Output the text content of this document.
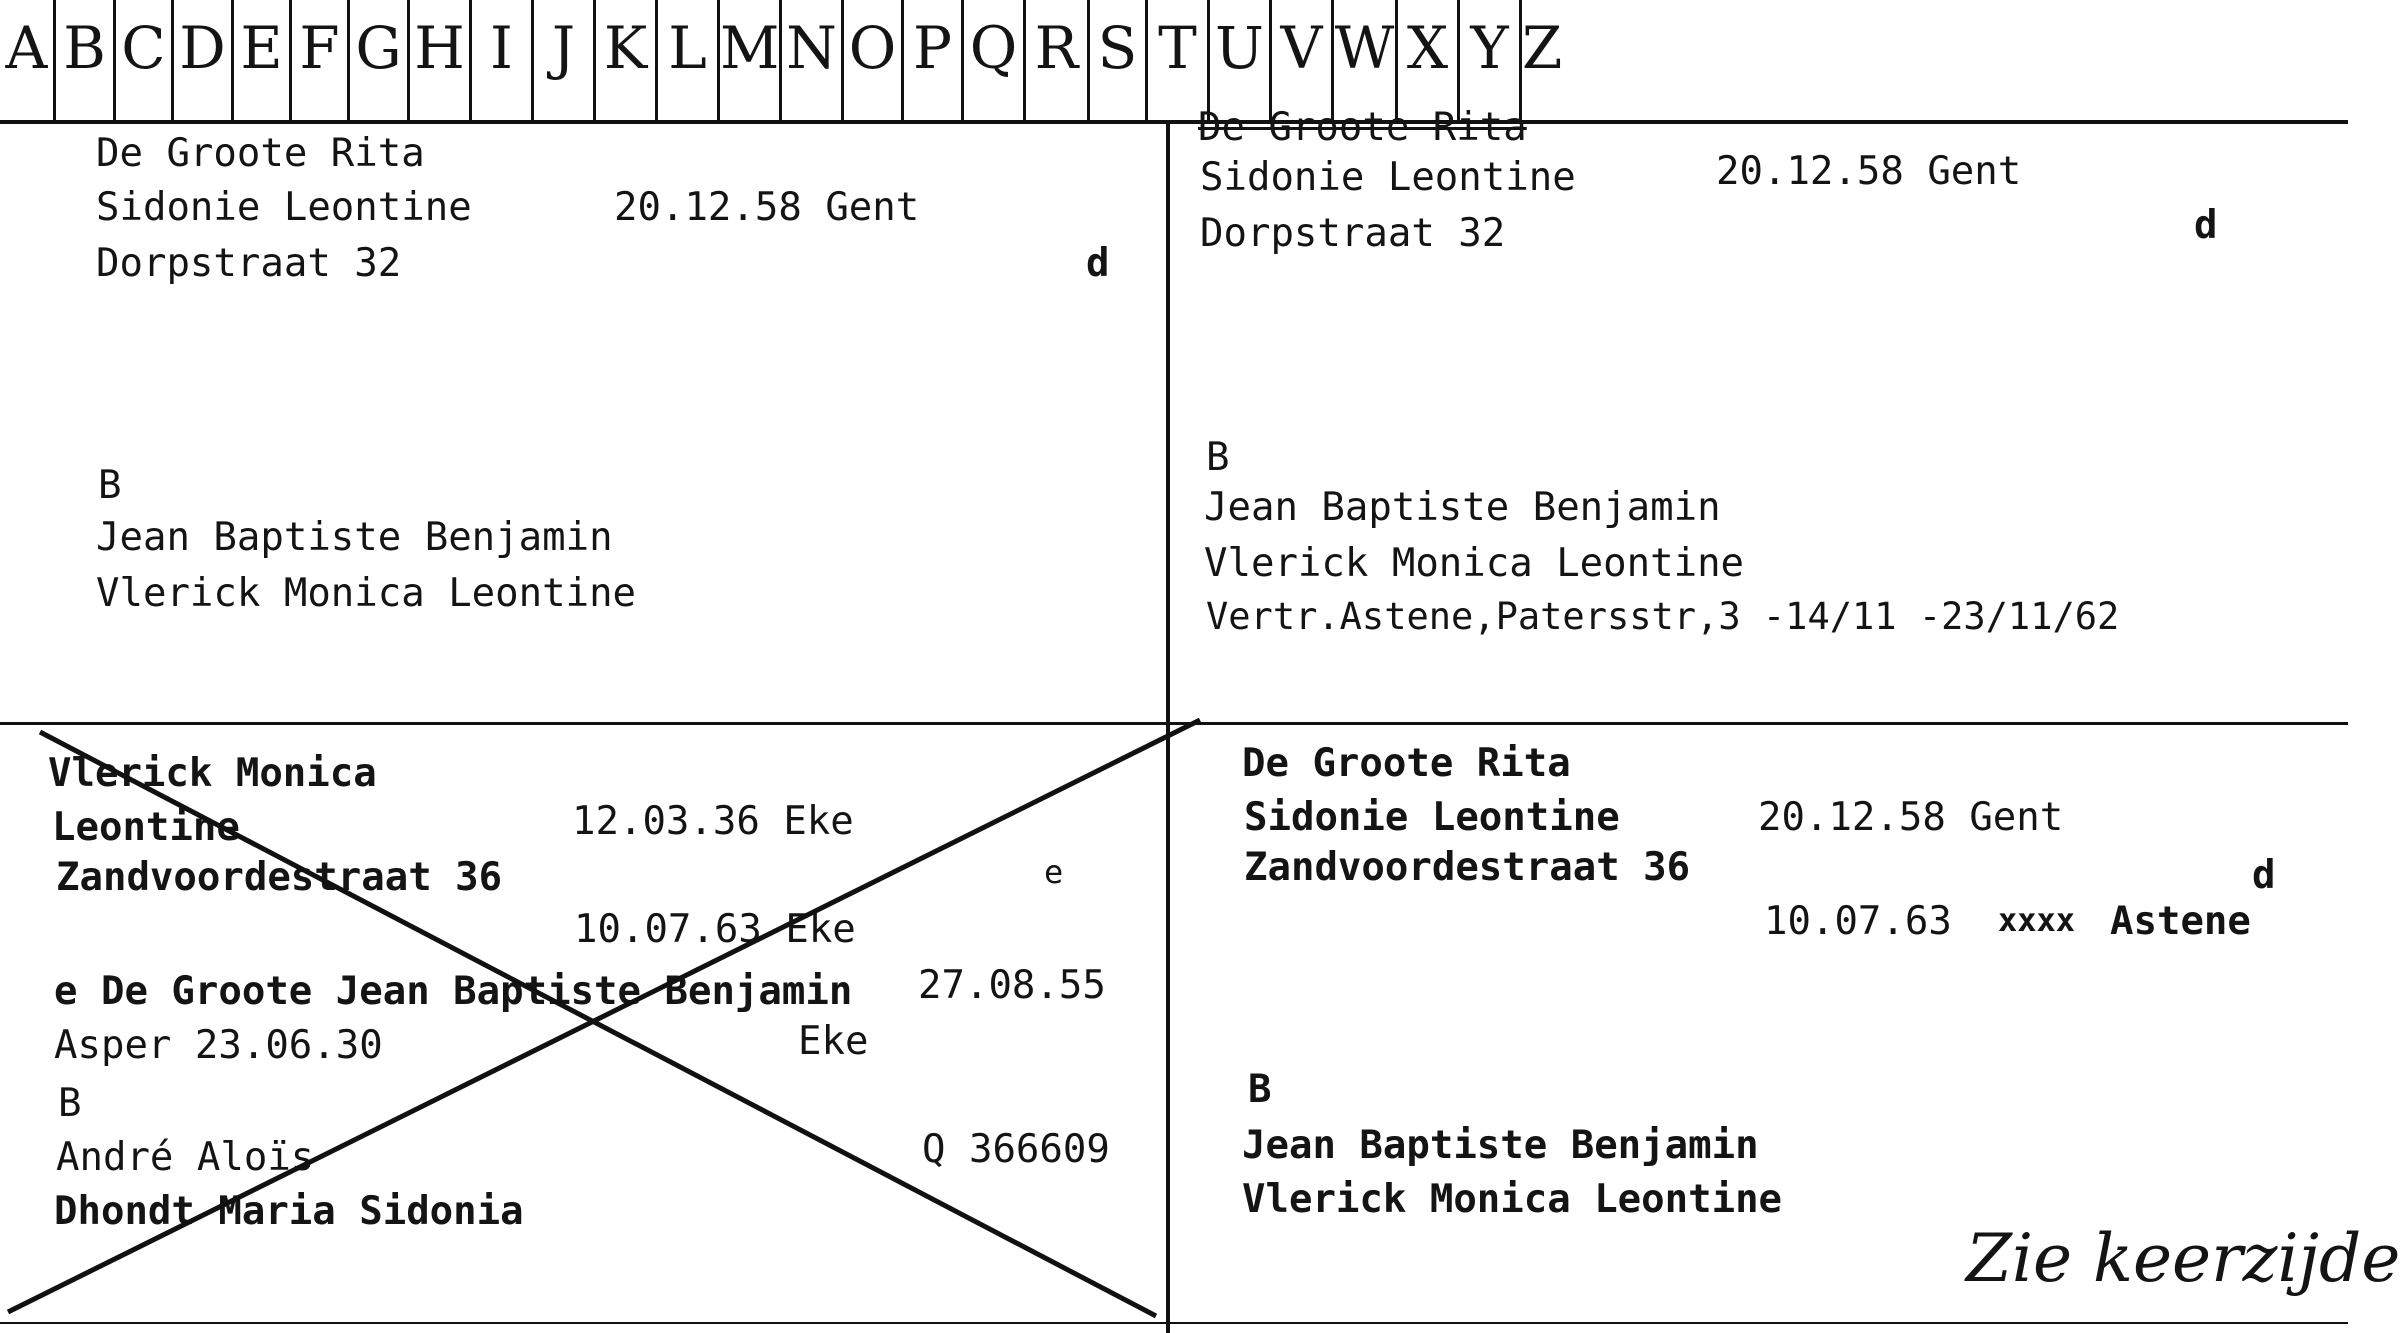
A B C D E F G H I J K L M N O P Q R S T U V W X Y Z
De Groote Rita
Sidonie Leontine	20.12.58 Gent
Dorpstraat 32	d
B
Jean Baptiste Benjamin
Vlerick Monica Leontine
De Groote Rita
Sidonie Leontine	20.12.58 Gent
Dorpstraat 32	d
B
Jean Baptiste Benjamin
Vlerick Monica Leontine
Vertr.Astene,Patersstr,3 -14/11 -23/11/62
Vlerick Monica
Leontine	12.03.36 Eke
Zandvoordestraat 36	e
10.07.63 Eke
e De Groote Jean Baptiste Benjamin 27.08.55
Asper 23.06.30	Eke
B
André Aloïs	Q 366609
Dhondt Maria Sidonia
De Groote Rita
Sidonie Leontine	20.12.58 Gent
Zandvoordestraat 36	d
10.07.63 xxxx Astene
B
Jean Baptiste Benjamin
Vlerick Monica Leontine
Zie keerzijde
